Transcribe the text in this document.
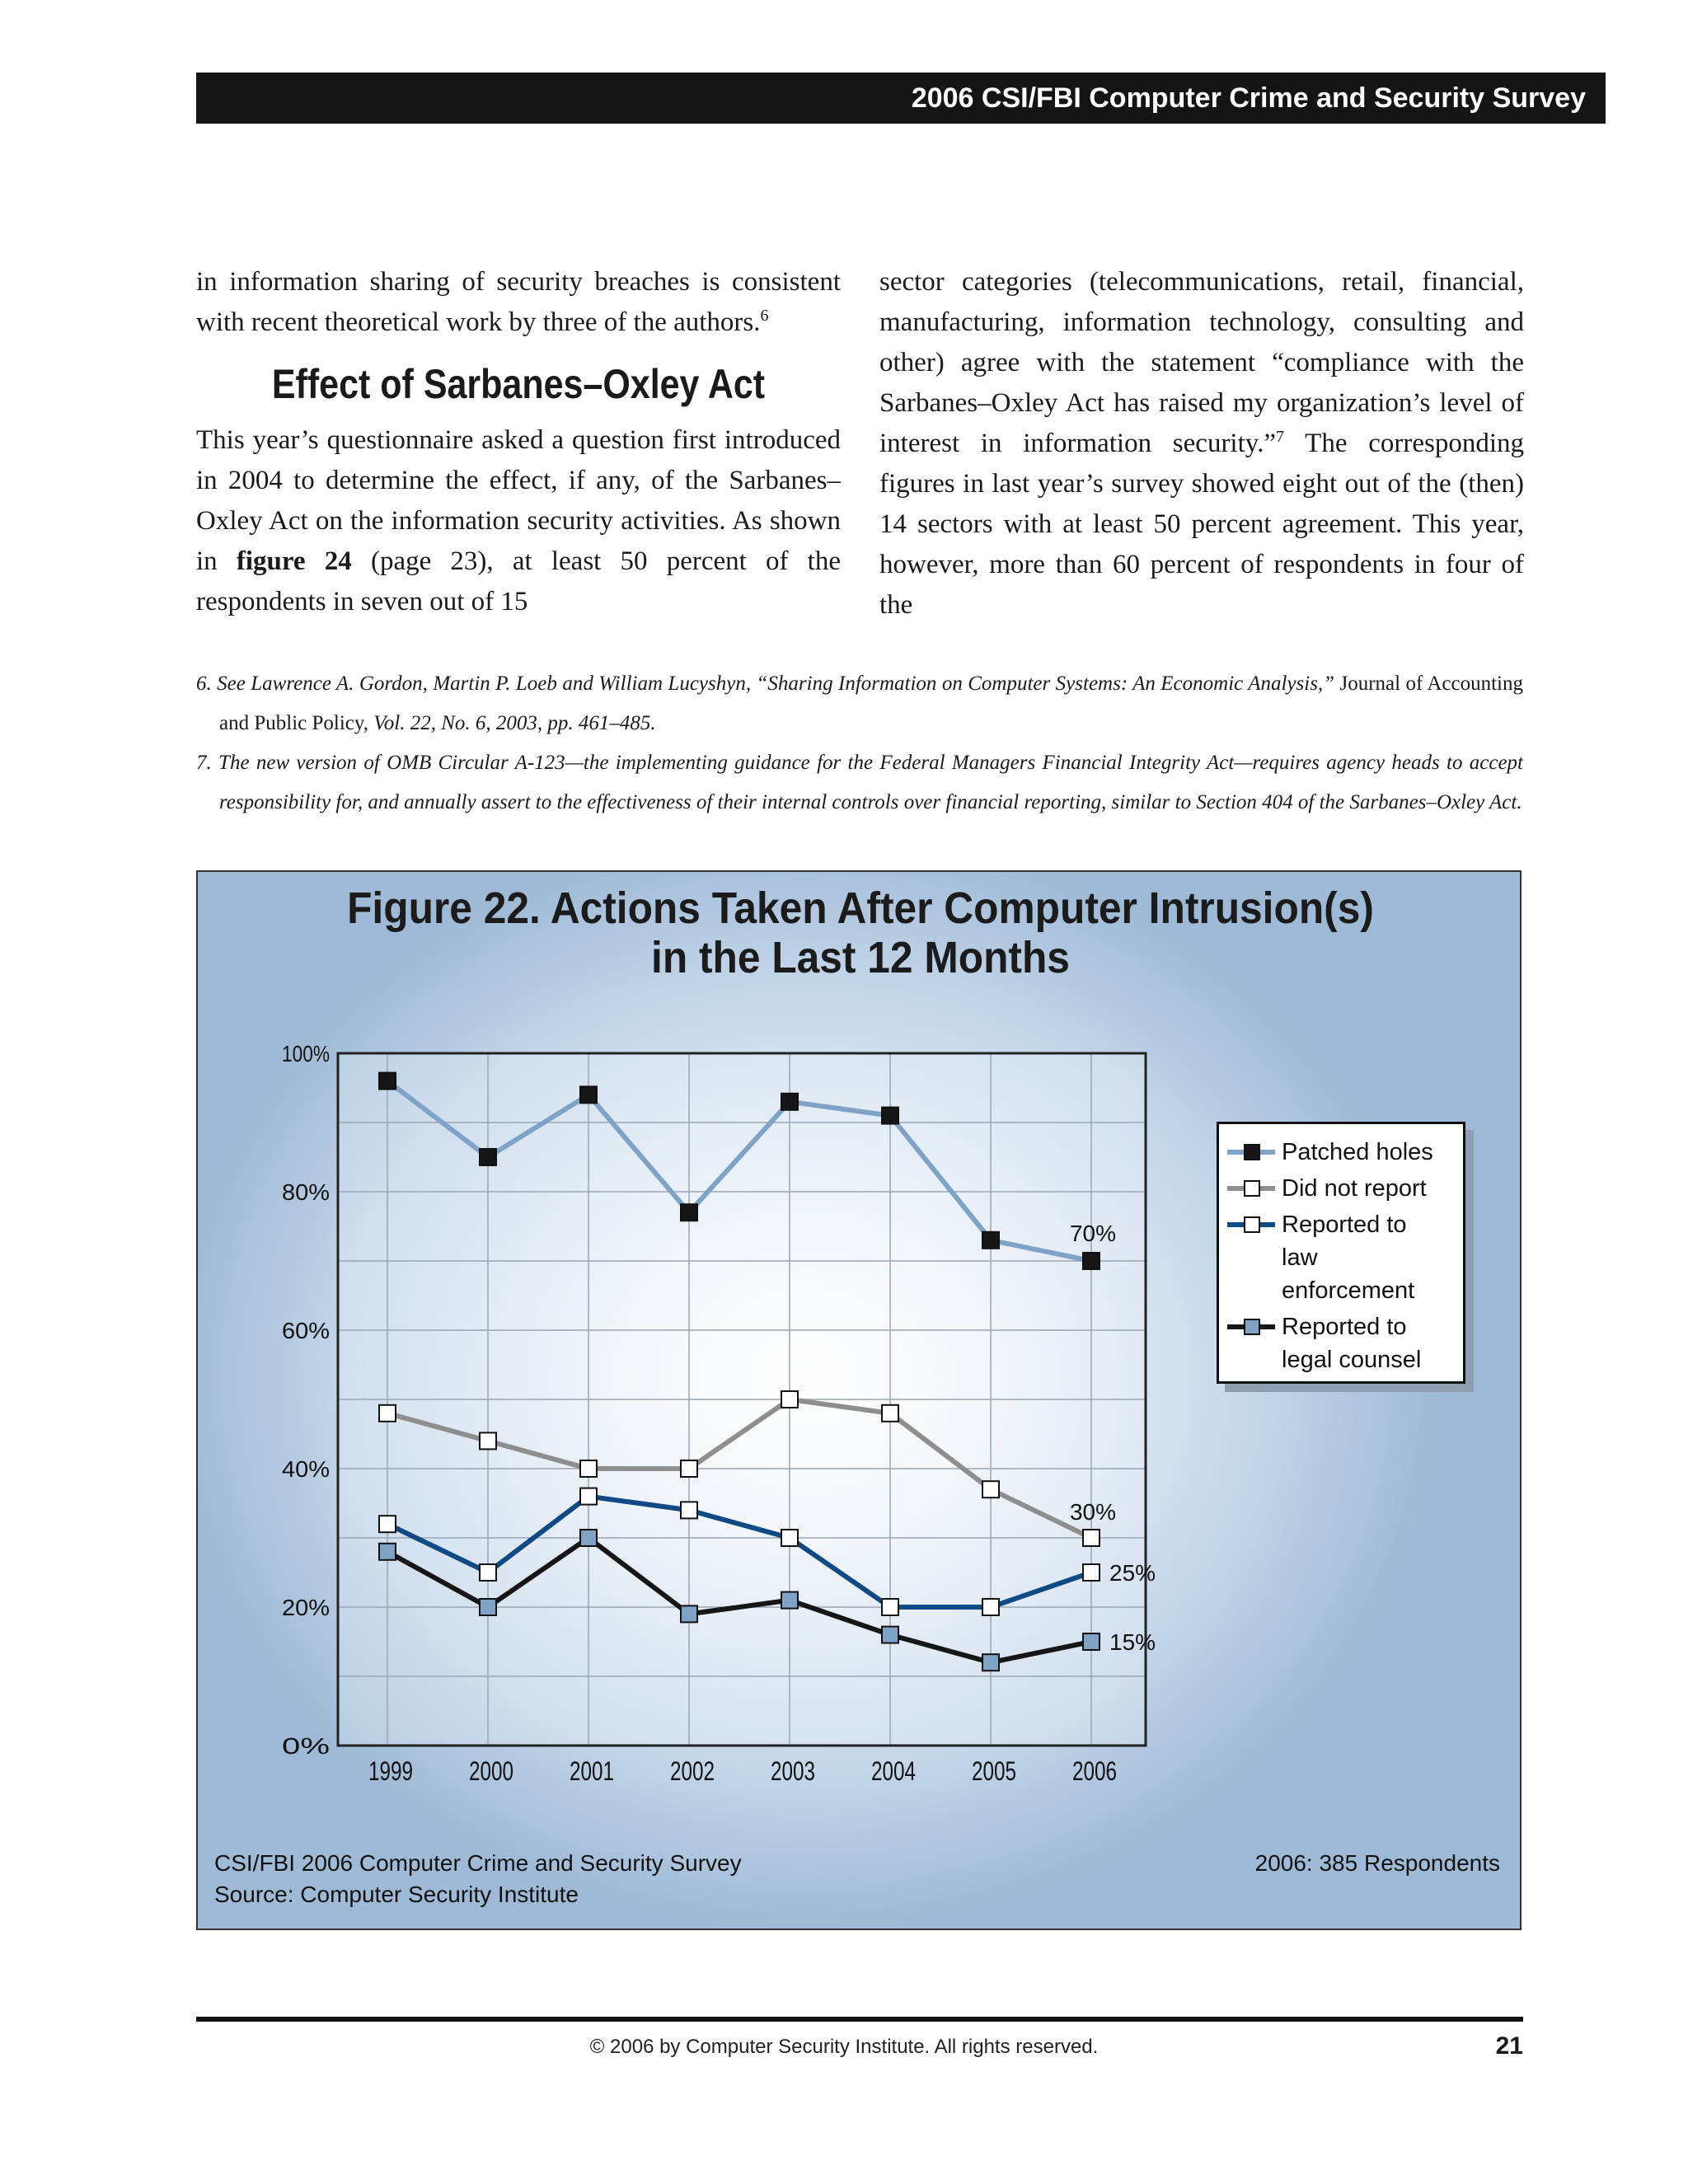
2006 CSI/FBI Computer Crime and Security Survey

in information sharing of security breaches is consistent with recent theoretical work by three of the authors.$^6$

Effect of Sarbanes–Oxley Act

This year’s questionnaire asked a question first introduced in 2004 to determine the effect, if any, of the Sarbanes–Oxley Act on the information security activities. As shown in figure 24 (page 23), at least 50 percent of the respondents in seven out of 15

sector categories (telecommunications, retail, financial, manufacturing, information technology, consulting and other) agree with the statement “compliance with the Sarbanes–Oxley Act has raised my organization’s level of interest in information security.”$^7$ The corresponding figures in last year’s survey showed eight out of the (then) 14 sectors with at least 50 percent agreement. This year, however, more than 60 percent of respondents in four of the

6. See Lawrence A. Gordon, Martin P. Loeb and William Lucyshyn, “Sharing Information on Computer Systems: An Economic Analysis,” Journal of Accounting and Public Policy, Vol. 22, No. 6, 2003, pp. 461–485.
7. The new version of OMB Circular A-123—the implementing guidance for the Federal Managers Financial Integrity Act—requires agency heads to accept responsibility for, and annually assert to the effectiveness of their internal controls over financial reporting, similar to Section 404 of the Sarbanes–Oxley Act.
Figure 22. Actions Taken After Computer Intrusion(s)
in the Last 12 Months
0%
20%
40%
60%
80%
100%
1999 2000 2001 2002 2003 2004 2005 2006
70%
30%
25%
15%
Patched holes
Did not report
Reported to
law enforcement
Reported to
legal counsel
CSI/FBI 2006 Computer Crime and Security Survey
Source: Computer Security Institute
2006: 385 Respondents
© 2006 by Computer Security Institute. All rights reserved.	21
